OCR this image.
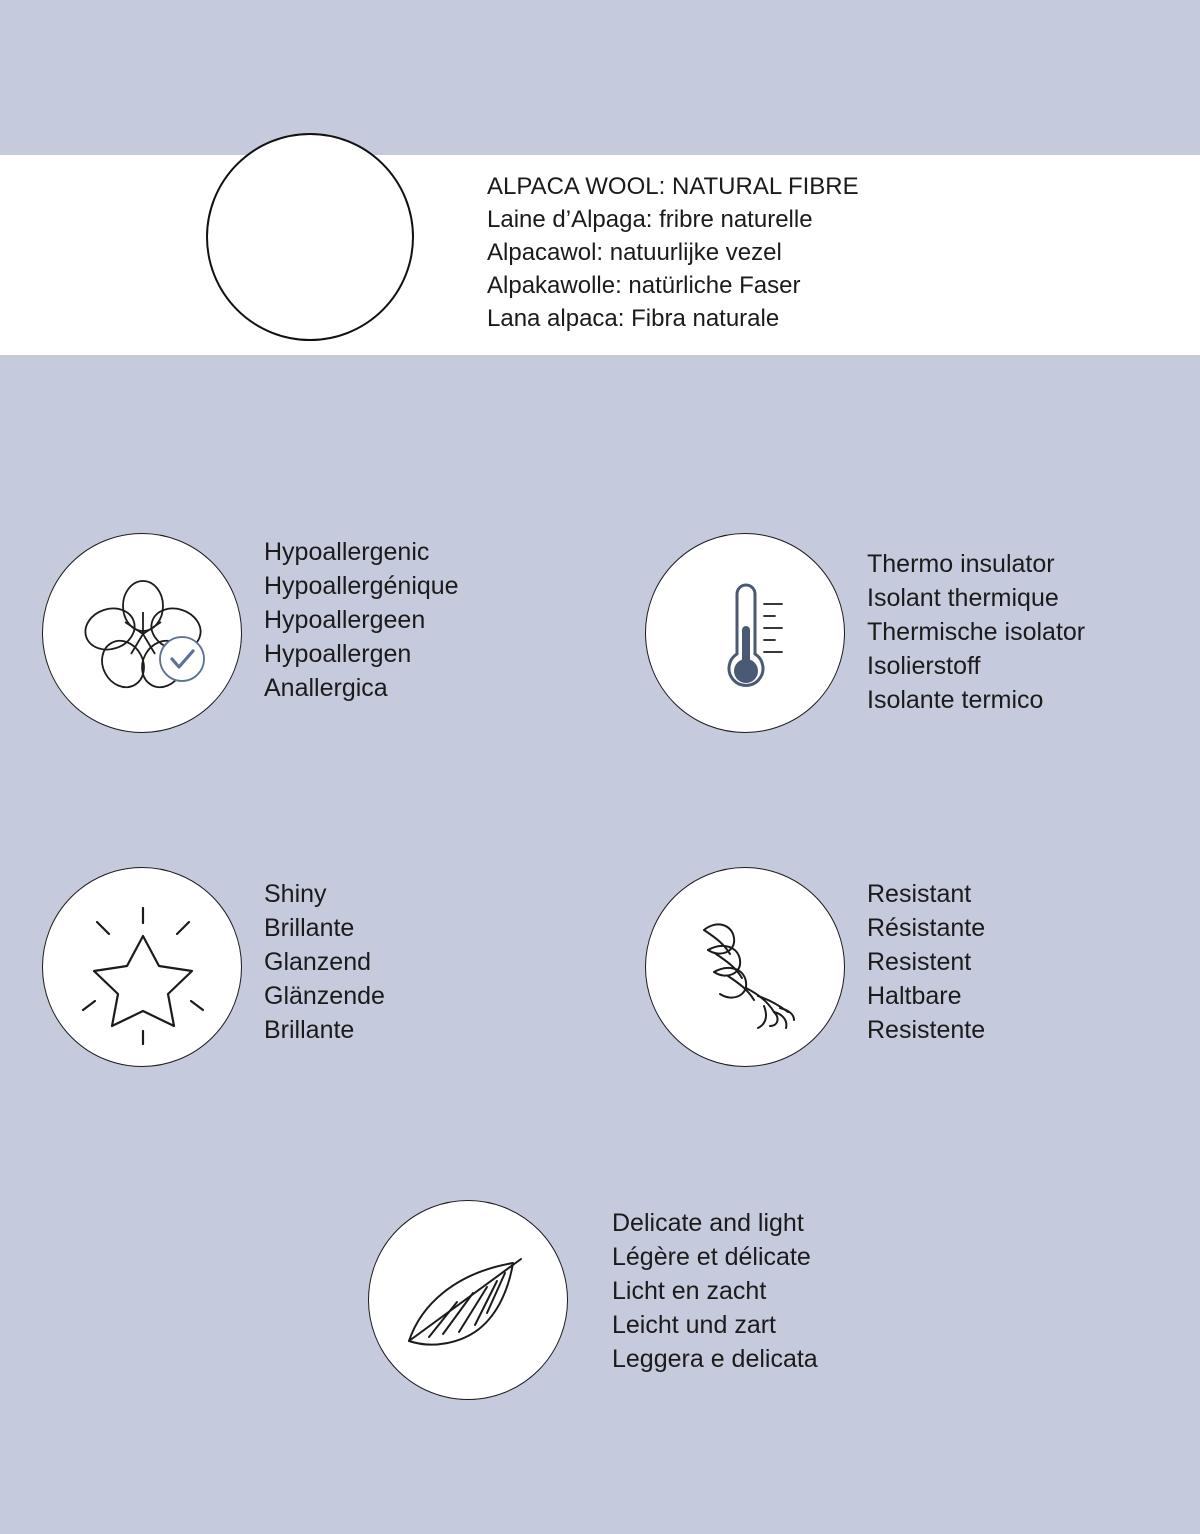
ALPACA WOOL: NATURAL FIBRE
Laine d’Alpaga: fribre naturelle
Alpacawol: natuurlijke vezel
Alpakawolle: natürliche Faser
Lana alpaca: Fibra naturale
Hypoallergenic
Hypoallergénique
Hypoallergeen
Hypoallergen
Anallergica
Thermo insulator
Isolant thermique
Thermische isolator
Isolierstoff
Isolante termico
Shiny
Brillante
Glanzend
Glänzende
Brillante
Resistant
Résistante
Resistent
Haltbare
Resistente
Delicate and light
Légère et délicate
Licht en zacht
Leicht und zart
Leggera e delicata
